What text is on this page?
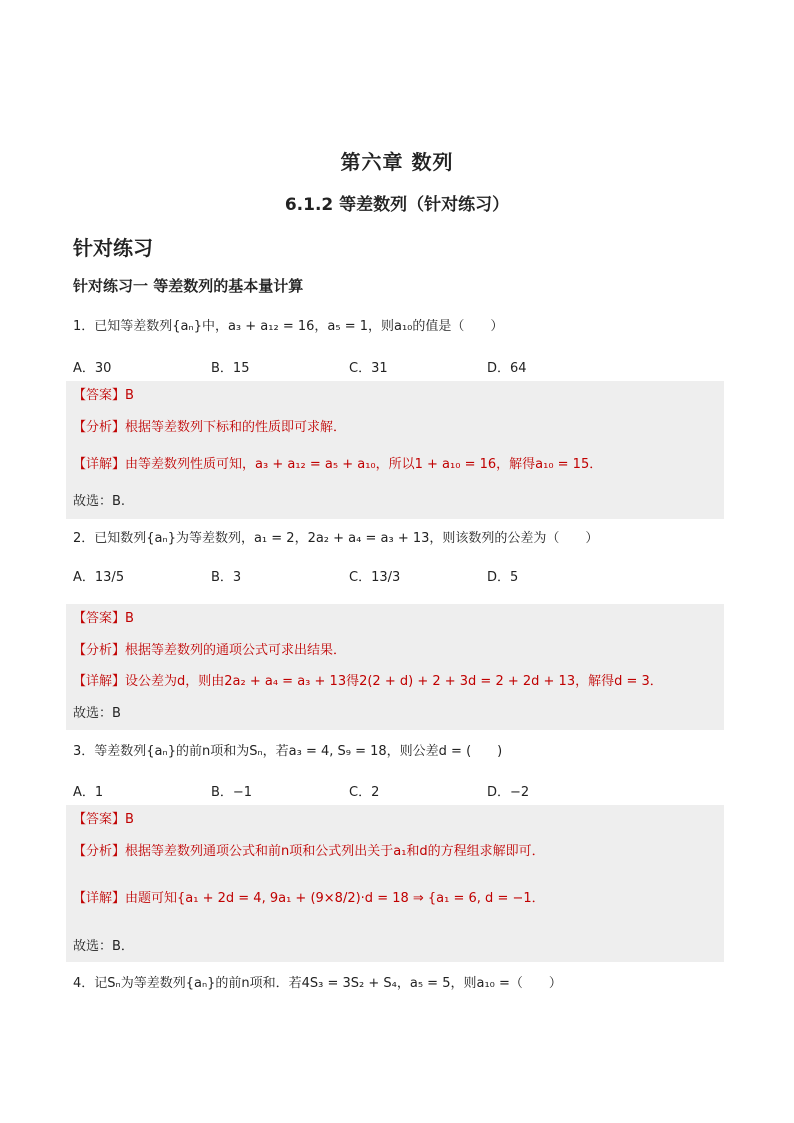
第六章 数列
6.1.2 等差数列（针对练习）
针对练习
针对练习一 等差数列的基本量计算
1．已知等差数列{aₙ}中，a₃ + a₁₂ = 16，a₅ = 1，则a₁₀的值是（　　）
A．30	B．15	C．31	D．64
【答案】B
【分析】根据等差数列下标和的性质即可求解．
【详解】由等差数列性质可知，a₃ + a₁₂ = a₅ + a₁₀，所以1 + a₁₀ = 16，解得a₁₀ = 15．
故选：B.
2．已知数列{aₙ}为等差数列，a₁ = 2，2a₂ + a₄ = a₃ + 13，则该数列的公差为（　　）
A．13/5	B．3	C．13/3	D．5
【答案】B
【分析】根据等差数列的通项公式可求出结果．
【详解】设公差为d，则由2a₂ + a₄ = a₃ + 13得2(2 + d) + 2 + 3d = 2 + 2d + 13，解得d = 3．
故选：B
3．等差数列{aₙ}的前n项和为Sₙ，若a₃ = 4, S₉ = 18，则公差d = (　　)
A．1	B．−1	C．2	D．−2
【答案】B
【分析】根据等差数列通项公式和前n项和公式列出关于a₁和d的方程组求解即可．
【详解】由题可知{a₁ + 2d = 4, 9a₁ + (9×8/2)·d = 18 ⇒ {a₁ = 6, d = −1．
故选：B．
4．记Sₙ为等差数列{aₙ}的前n项和．若4S₃ = 3S₂ + S₄，a₅ = 5，则a₁₀ =（　　）
